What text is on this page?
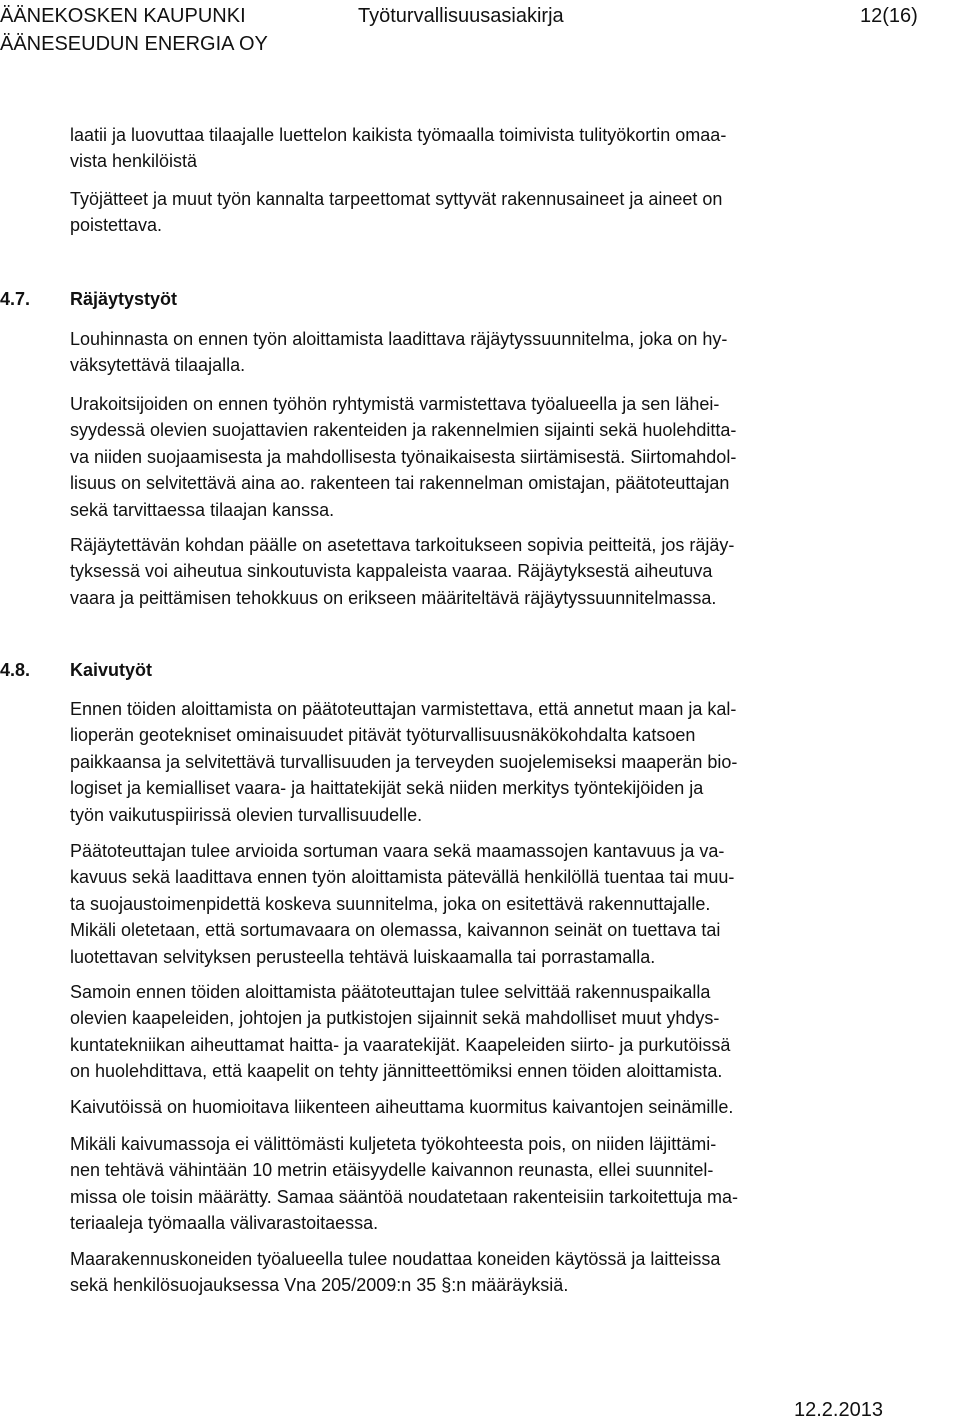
ÄÄNEKOSKEN KAUPUNKI
ÄÄNESEUDUN ENERGIA OY
Työturvallisuusasiakirja	12(16)
laatii ja luovuttaa tilaajalle luettelon kaikista työmaalla toimivista tulityökortin omaa-
vista henkilöistä
Työjätteet ja muut työn kannalta tarpeettomat syttyvät rakennusaineet ja aineet on
poistettava.
4.7. Räjäytystyöt
Louhinnasta on ennen työn aloittamista laadittava räjäytyssuunnitelma, joka on hy-
väksytettävä tilaajalla.
Urakoitsijoiden on ennen työhön ryhtymistä varmistettava työalueella ja sen lähei-
syydessä olevien suojattavien rakenteiden ja rakennelmien sijainti sekä huolehditta-
va niiden suojaamisesta ja mahdollisesta työnaikaisesta siirtämisestä. Siirtomahdol-
lisuus on selvitettävä aina ao. rakenteen tai rakennelman omistajan, päätoteuttajan
sekä tarvittaessa tilaajan kanssa.
Räjäytettävän kohdan päälle on asetettava tarkoitukseen sopivia peitteitä, jos räjäy-
tyksessä voi aiheutua sinkoutuvista kappaleista vaaraa. Räjäytyksestä aiheutuva
vaara ja peittämisen tehokkuus on erikseen määriteltävä räjäytyssuunnitelmassa.
4.8. Kaivutyöt
Ennen töiden aloittamista on päätoteuttajan varmistettava, että annetut maan ja kal-
lioperän geotekniset ominaisuudet pitävät työturvallisuusnäkökohdalta katsoen
paikkaansa ja selvitettävä turvallisuuden ja terveyden suojelemiseksi maaperän bio-
logiset ja kemialliset vaara- ja haittatekijät sekä niiden merkitys työntekijöiden ja
työn vaikutuspiirissä olevien turvallisuudelle.
Päätoteuttajan tulee arvioida sortuman vaara sekä maamassojen kantavuus ja va-
kavuus sekä laadittava ennen työn aloittamista pätevällä henkilöllä tuentaa tai muu-
ta suojaustoimenpidettä koskeva suunnitelma, joka on esitettävä rakennuttajalle.
Mikäli oletetaan, että sortumavaara on olemassa, kaivannon seinät on tuettava tai
luotettavan selvityksen perusteella tehtävä luiskaamalla tai porrastamalla.
Samoin ennen töiden aloittamista päätoteuttajan tulee selvittää rakennuspaikalla
olevien kaapeleiden, johtojen ja putkistojen sijainnit sekä mahdolliset muut yhdys-
kuntatekniikan aiheuttamat haitta- ja vaaratekijät. Kaapeleiden siirto- ja purkutöissä
on huolehdittava, että kaapelit on tehty jännitteettömiksi ennen töiden aloittamista.
Kaivutöissä on huomioitava liikenteen aiheuttama kuormitus kaivantojen seinämille.
Mikäli kaivumassoja ei välittömästi kuljeteta työkohteesta pois, on niiden läjittämi-
nen tehtävä vähintään 10 metrin etäisyydelle kaivannon reunasta, ellei suunnitel-
missa ole toisin määrätty. Samaa sääntöä noudatetaan rakenteisiin tarkoitettuja ma-
teriaaleja työmaalla välivarastoitaessa.
Maarakennuskoneiden työalueella tulee noudattaa koneiden käytössä ja laitteissa
sekä henkilösuojauksessa Vna 205/2009:n 35 §:n määräyksiä.
12.2.2013
